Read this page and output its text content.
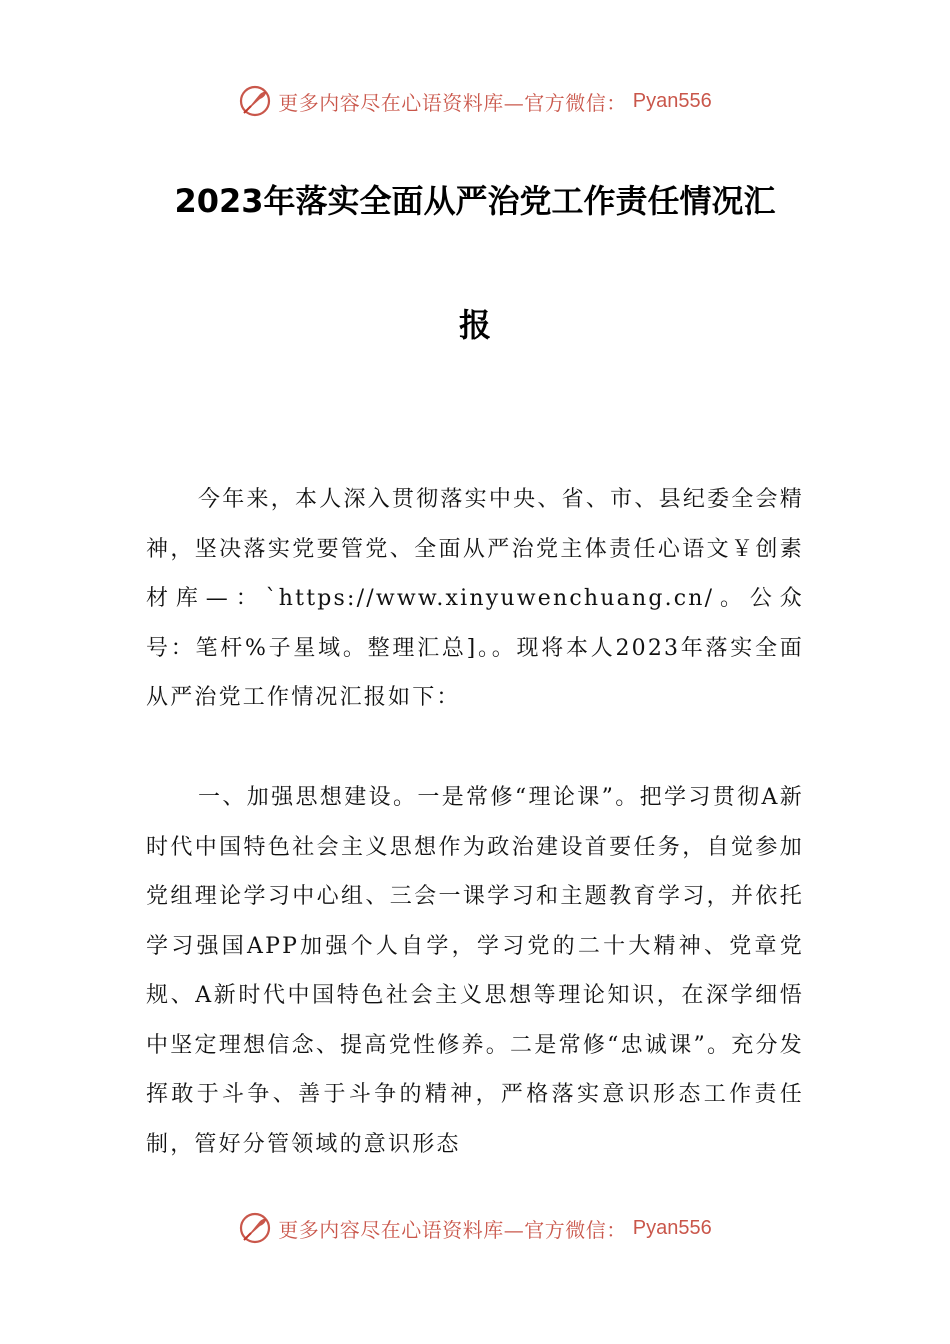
更多内容尽在心语资料库—官方微信： Pyan556
2023年落实全面从严治党工作责任情况汇
报
今年来，本人深入贯彻落实中央、省、市、县纪委全会精神，坚决落实党要管党、全面从严治党主体责任心语文￥创素材库—：`https://www.xinyuwenchuang.cn/。公众号：笔杆%子星域。整理汇总]。。现将本人2023年落实全面从严治党工作情况汇报如下：
一、加强思想建设。一是常修“理论课”。把学习贯彻A新时代中国特色社会主义思想作为政治建设首要任务，自觉参加党组理论学习中心组、三会一课学习和主题教育学习，并依托学习强国APP加强个人自学，学习党的二十大精神、党章党规、A新时代中国特色社会主义思想等理论知识，在深学细悟中坚定理想信念、提高党性修养。二是常修“忠诚课”。充分发挥敢于斗争、善于斗争的精神，严格落实意识形态工作责任制，管好分管领域的意识形态
更多内容尽在心语资料库—官方微信： Pyan556
